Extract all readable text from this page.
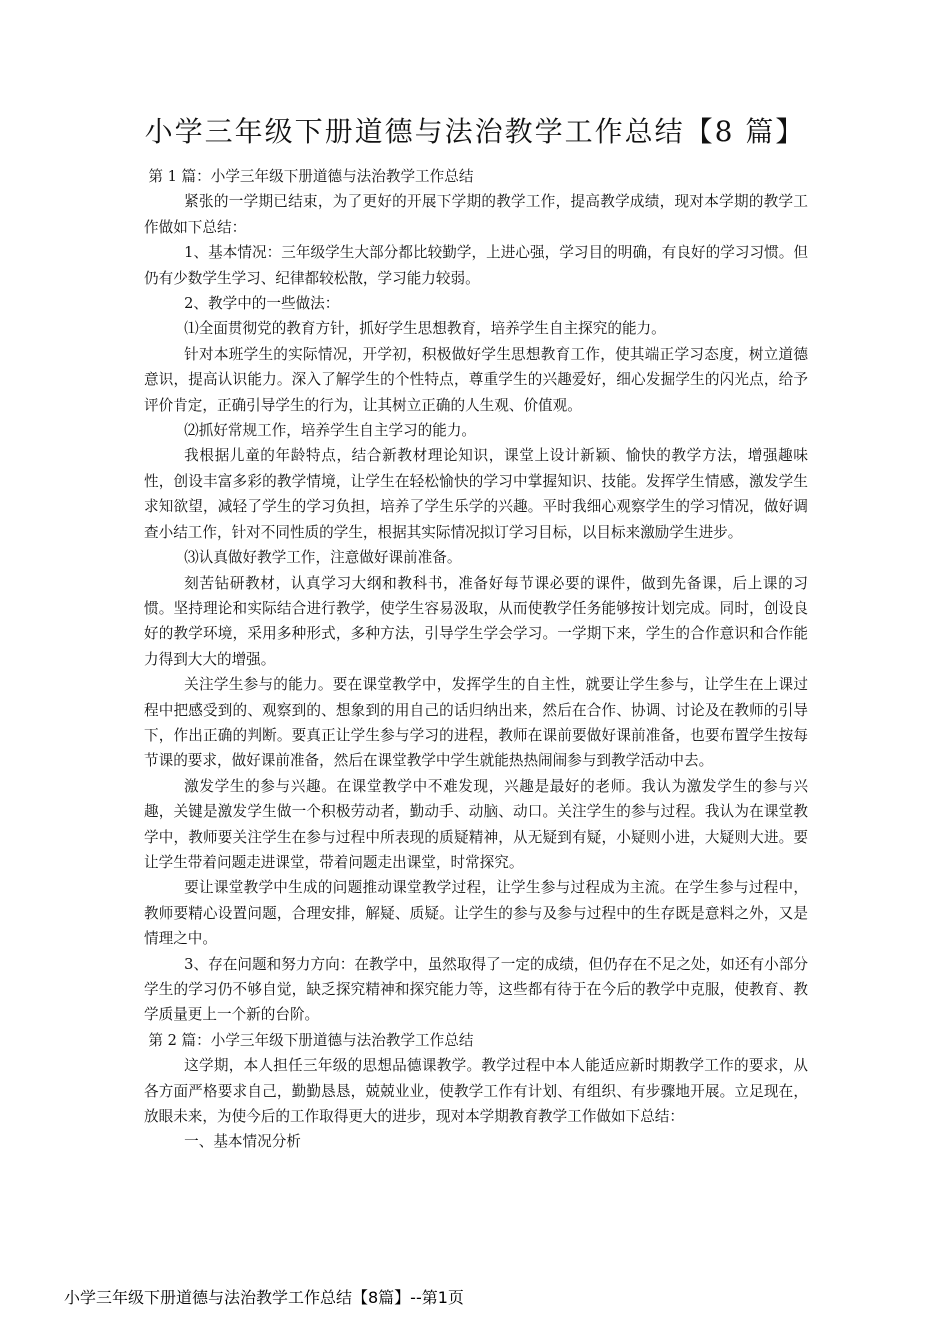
小学三年级下册道德与法治教学工作总结【8 篇】

第 1 篇：小学三年级下册道德与法治教学工作总结

紧张的一学期已结束，为了更好的开展下学期的教学工作，提高教学成绩，现对本学期的教学工作做如下总结：

1、基本情况：三年级学生大部分都比较勤学，上进心强，学习目的明确，有良好的学习习惯。但仍有少数学生学习、纪律都较松散，学习能力较弱。

2、教学中的一些做法：

⑴全面贯彻党的教育方针，抓好学生思想教育，培养学生自主探究的能力。

针对本班学生的实际情况，开学初，积极做好学生思想教育工作，使其端正学习态度，树立道德意识，提高认识能力。深入了解学生的个性特点，尊重学生的兴趣爱好，细心发掘学生的闪光点，给予评价肯定，正确引导学生的行为，让其树立正确的人生观、价值观。

⑵抓好常规工作，培养学生自主学习的能力。

我根据儿童的年龄特点，结合新教材理论知识，课堂上设计新颖、愉快的教学方法，增强趣味性，创设丰富多彩的教学情境，让学生在轻松愉快的学习中掌握知识、技能。发挥学生情感，激发学生求知欲望，减轻了学生的学习负担，培养了学生乐学的兴趣。平时我细心观察学生的学习情况，做好调查小结工作，针对不同性质的学生，根据其实际情况拟订学习目标，以目标来激励学生进步。

⑶认真做好教学工作，注意做好课前准备。

刻苦钻研教材，认真学习大纲和教科书，准备好每节课必要的课件，做到先备课，后上课的习惯。坚持理论和实际结合进行教学，使学生容易汲取，从而使教学任务能够按计划完成。同时，创设良好的教学环境，采用多种形式，多种方法，引导学生学会学习。一学期下来，学生的合作意识和合作能力得到大大的增强。

关注学生参与的能力。要在课堂教学中，发挥学生的自主性，就要让学生参与，让学生在上课过程中把感受到的、观察到的、想象到的用自己的话归纳出来，然后在合作、协调、讨论及在教师的引导下，作出正确的判断。要真正让学生参与学习的进程，教师在课前要做好课前准备，也要布置学生按每节课的要求，做好课前准备，然后在课堂教学中学生就能热热闹闹参与到教学活动中去。

激发学生的参与兴趣。在课堂教学中不难发现，兴趣是最好的老师。我认为激发学生的参与兴趣，关键是激发学生做一个积极劳动者，勤动手、动脑、动口。关注学生的参与过程。我认为在课堂教学中，教师要关注学生在参与过程中所表现的质疑精神，从无疑到有疑，小疑则小进，大疑则大进。要让学生带着问题走进课堂，带着问题走出课堂，时常探究。

要让课堂教学中生成的问题推动课堂教学过程，让学生参与过程成为主流。在学生参与过程中，教师要精心设置问题，合理安排，解疑、质疑。让学生的参与及参与过程中的生存既是意料之外，又是情理之中。

3、存在问题和努力方向：在教学中，虽然取得了一定的成绩，但仍存在不足之处，如还有小部分学生的学习仍不够自觉，缺乏探究精神和探究能力等，这些都有待于在今后的教学中克服，使教育、教学质量更上一个新的台阶。

第 2 篇：小学三年级下册道德与法治教学工作总结

这学期，本人担任三年级的思想品德课教学。教学过程中本人能适应新时期教学工作的要求，从各方面严格要求自己，勤勤恳恳，兢兢业业，使教学工作有计划、有组织、有步骤地开展。立足现在，放眼未来，为使今后的工作取得更大的进步，现对本学期教育教学工作做如下总结：

一、基本情况分析

小学三年级下册道德与法治教学工作总结【8篇】--第1页
